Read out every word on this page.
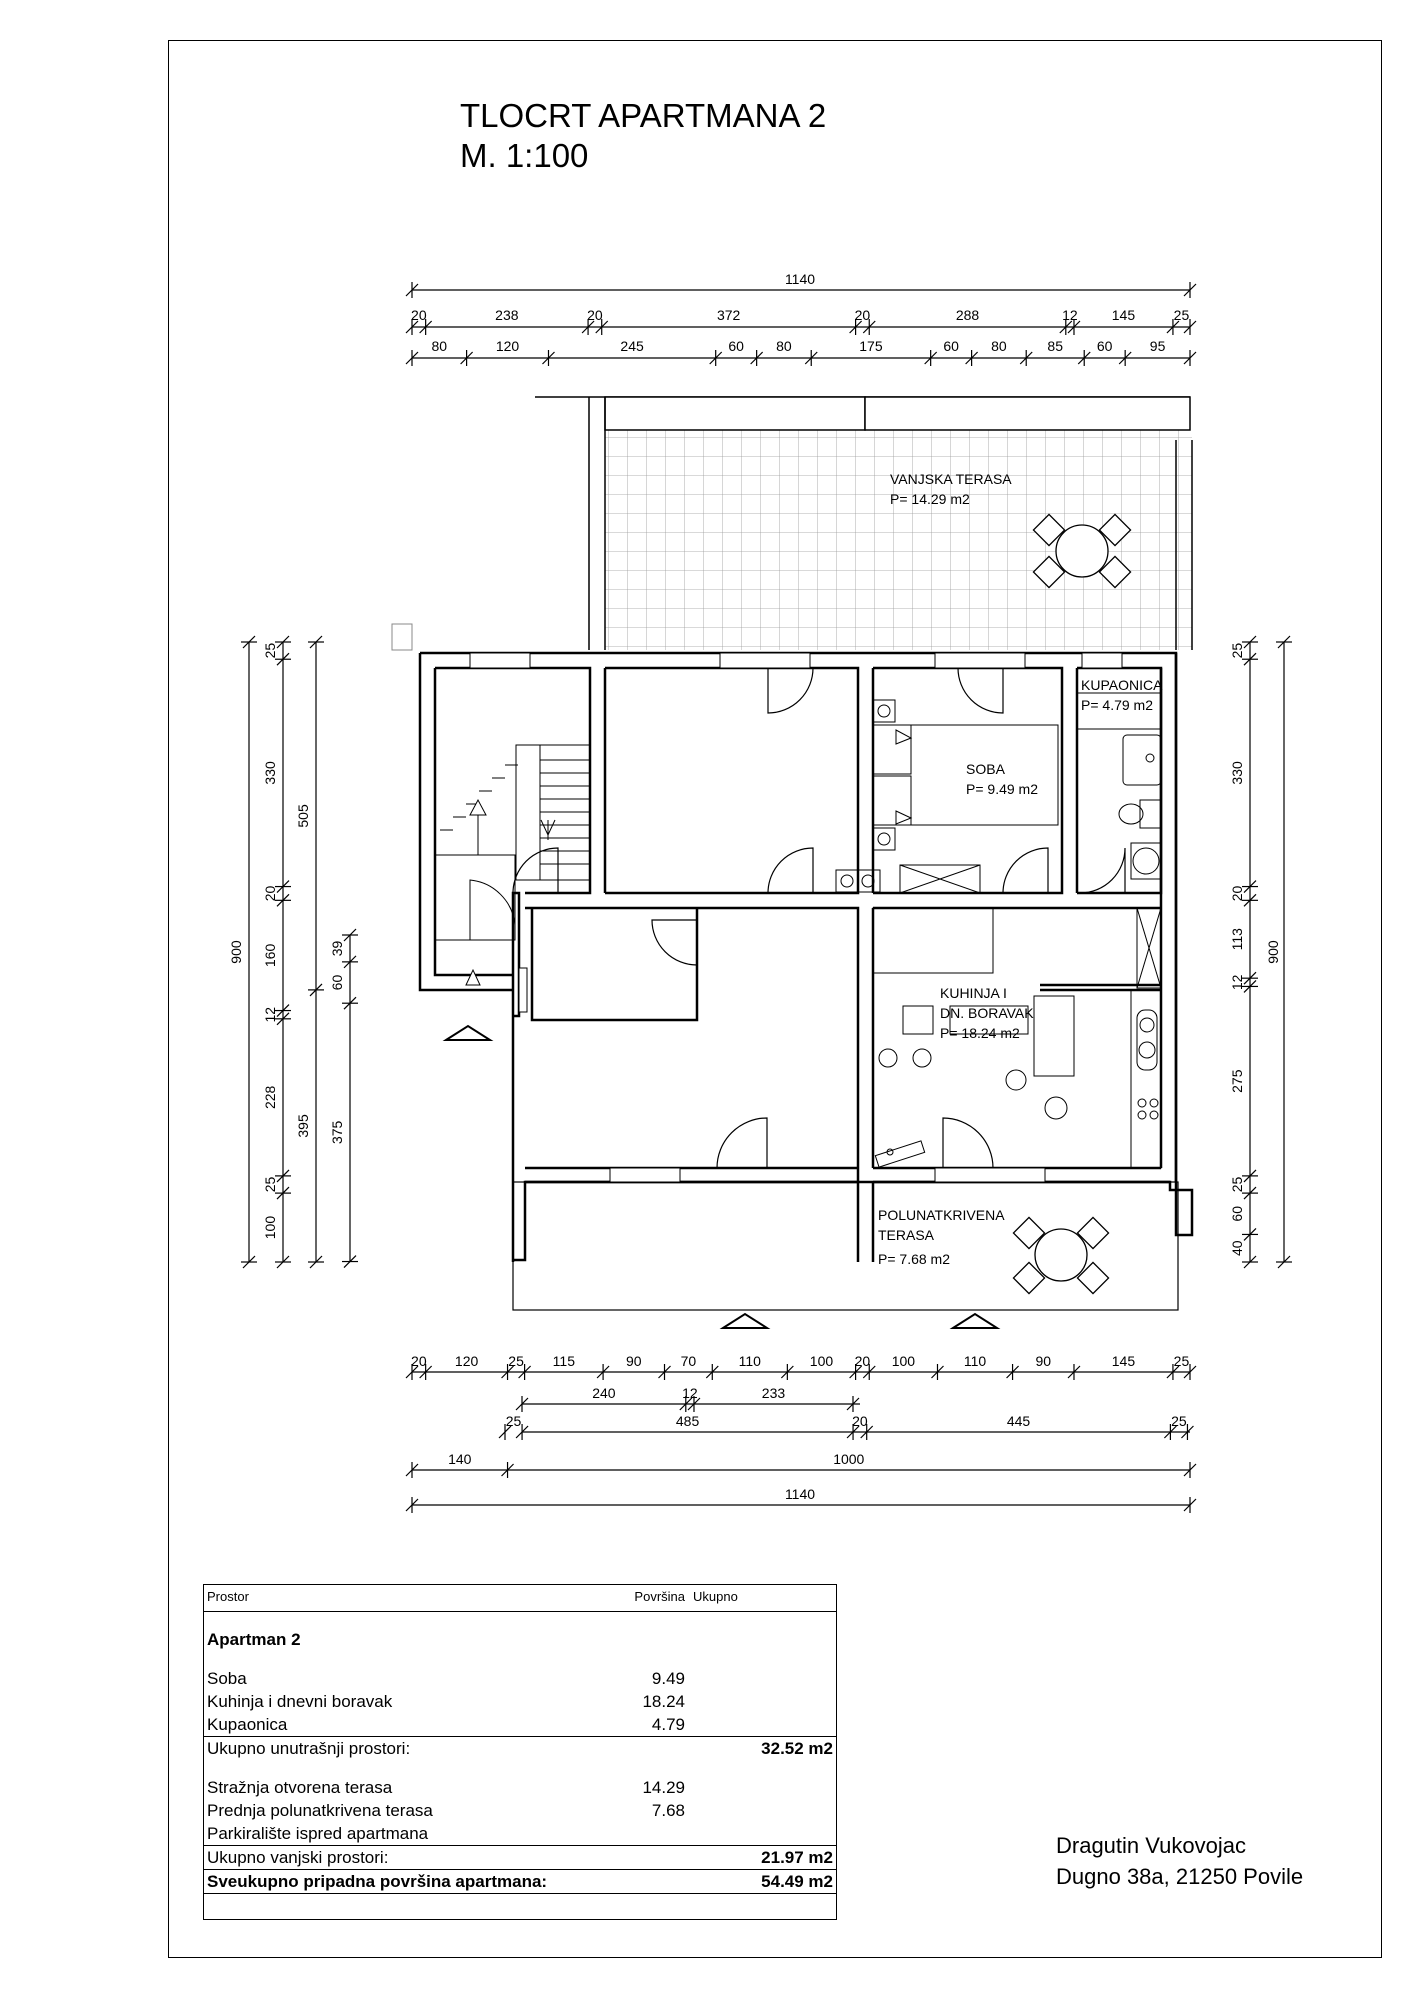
TLOCRT APARTMANA 2
M. 1:100
1140
20	238	20	372	20	288	12 145	25
80	120	245	60 80	175	60 80	85 60	95
900
25
330
20
160
12
228
25
100
505
395
39
60
375
900
25
330
20
113
12
275
25
60
40
20 120 25 115	90	70	110	100 20 100	110	90	145	25
240	12	233
25	485	20	445	25
140	1000
1140
VANJSKA TERASA
P= 14.29 m2
KUPAONICA
P= 4.79 m2
SOBA
P= 9.49 m2
KUHINJA I
DN. BORAVAK
P= 18.24 m2
POLUNATKRIVENA
TERASA
P= 7.68 m2
Prostor	Površina	Ukupno

Apartman 2		

Soba	9.49	
Kuhinja i dnevni boravak	18.24	
Kupaonica	4.79	
Ukupno unutrašnji prostori:		32.52 m2

Stražnja otvorena terasa	14.29	
Prednja polunatkrivena terasa	7.68	
Parkiralište ispred apartmana		
Ukupno vanjski prostori:		21.97 m2
Sveukupno pripadna površina apartmana:		54.49 m2
Dragutin Vukovojac
Dugno 38a, 21250 Povile
